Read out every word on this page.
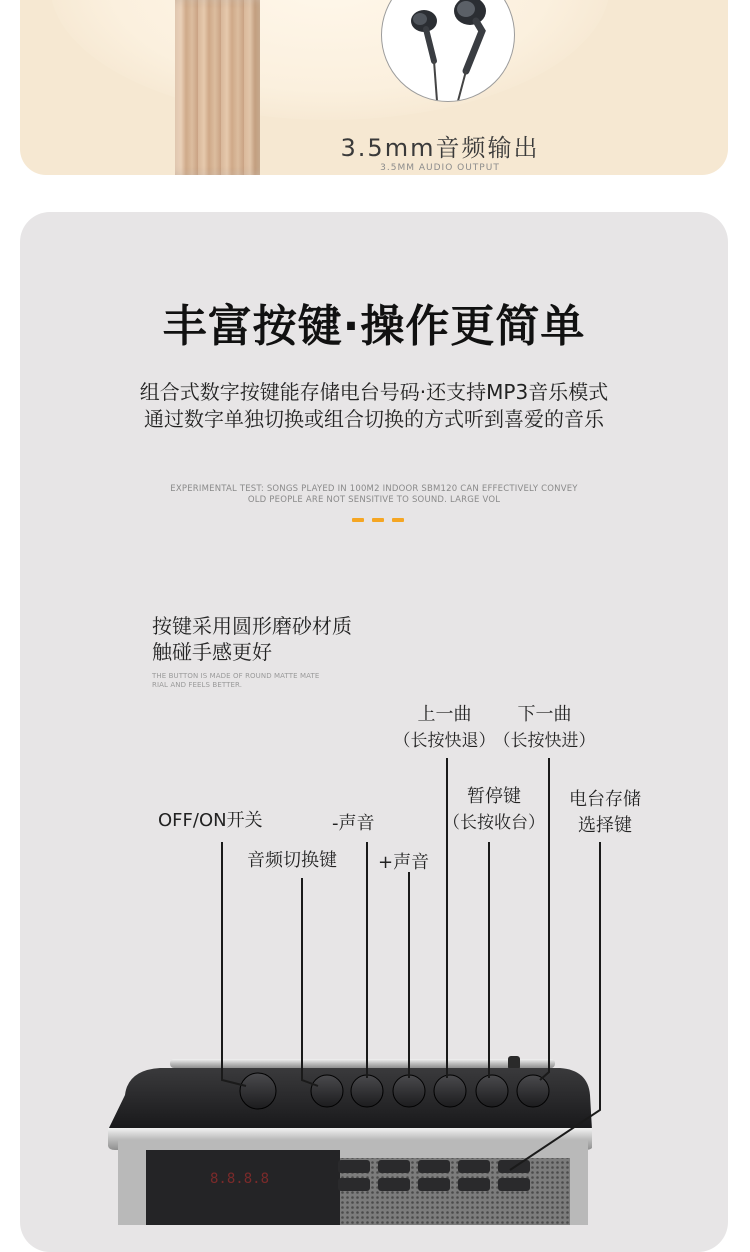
3.5mm音频输出
3.5MM AUDIO OUTPUT
丰富按键·操作更简单
组合式数字按键能存储电台号码·还支持MP3音乐模式
通过数字单独切换或组合切换的方式听到喜爱的音乐
EXPERIMENTAL TEST: SONGS PLAYED IN 100M2 INDOOR SBM120 CAN EFFECTIVELY CONVEY
OLD PEOPLE ARE NOT SENSITIVE TO SOUND. LARGE VOL
按键采用圆形磨砂材质
触碰手感更好
THE BUTTON IS MADE OF ROUND MATTE MATE
RIAL AND FEELS BETTER.
8.8.8.8
OFF/ON开关
音频切换键
-声音
+声音
上一曲
（长按快退）
下一曲
（长按快进）
暂停键
（长按收台）
电台存储
选择键
